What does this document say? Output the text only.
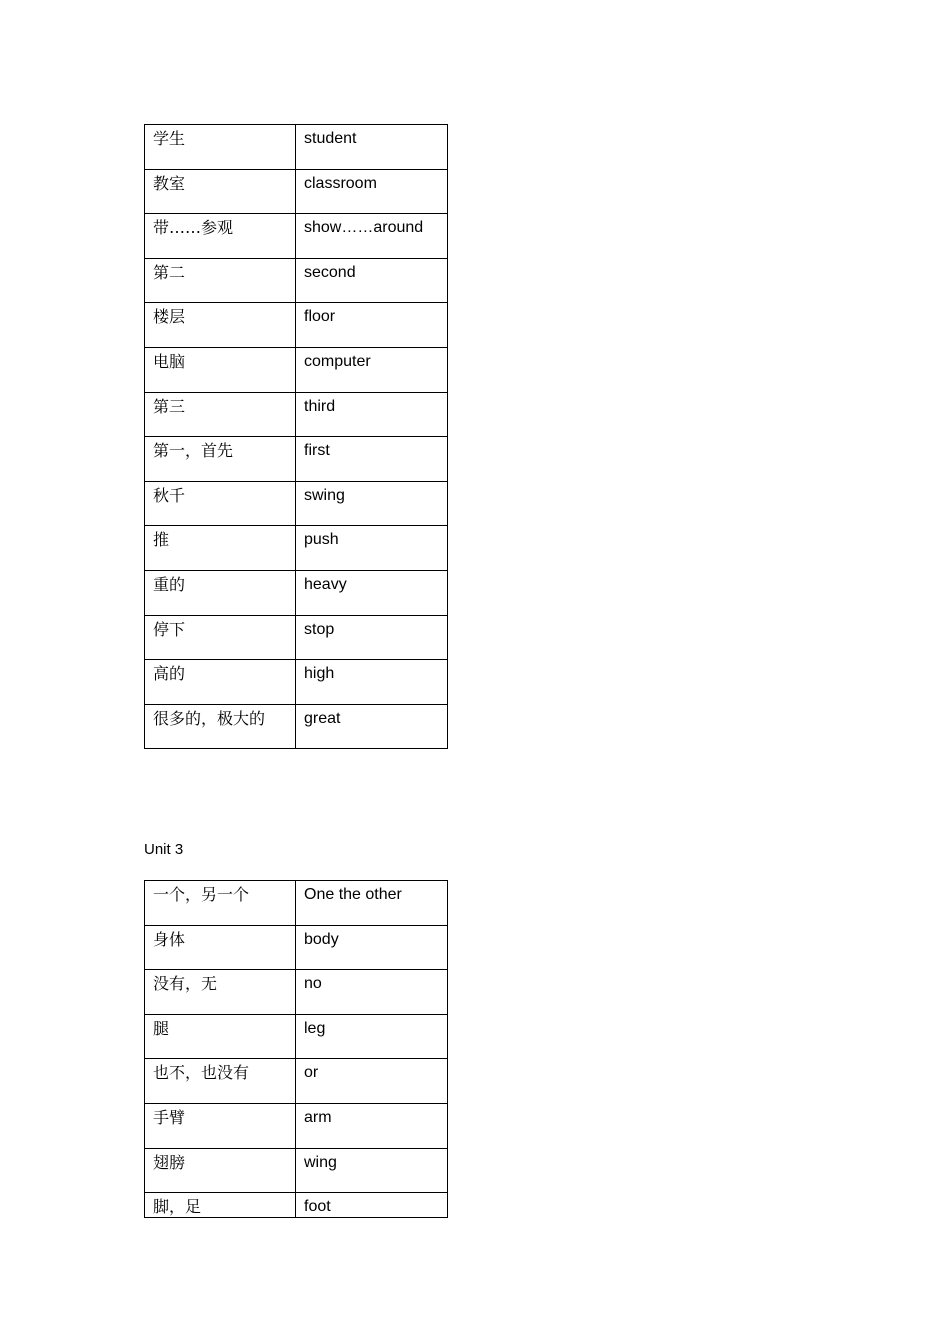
学生	student
教室	classroom
带……参观	show……around
第二	second
楼层	floor
电脑	computer
第三	third
第一，首先	first
秋千	swing
推	push
重的	heavy
停下	stop
高的	high
很多的，极大的	great
Unit 3
一个，另一个	One the other
身体	body
没有，无	no
腿	leg
也不，也没有	or
手臂	arm
翅膀	wing
脚，足	foot
